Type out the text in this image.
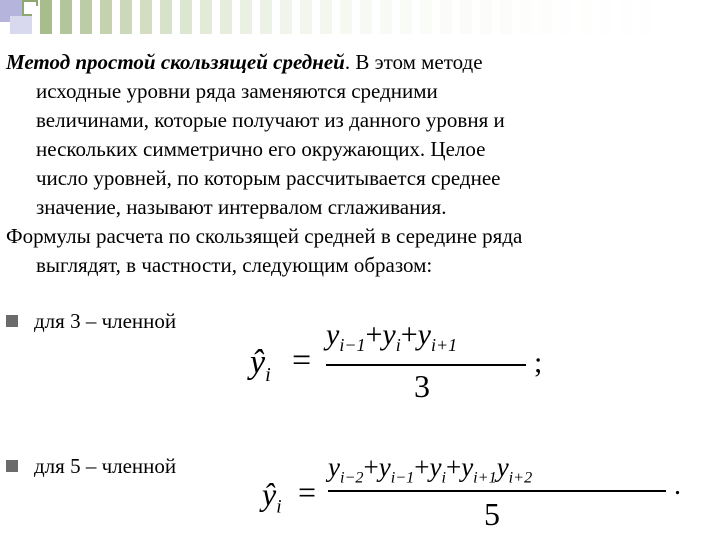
Метод простой скользящей средней. В этом методе
исходные уровни ряда заменяются средними
величинами, которые получают из данного уровня и
нескольких симметрично его окружающих. Целое
число уровней, по которым рассчитывается среднее
значение, называют интервалом сглаживания.
Формулы расчета по скользящей средней в середине ряда
выглядят, в частности, следующим образом:
для 3 – членной
$ŷ_i$ =
$y_{i-1}+y_i+y_{i+1}$
3
;
для 5 – членной
$ŷ_i$ =
$y_{i-2}+y_{i-1}+y_i+y_{i+1}y_{i+2}$
5
.
